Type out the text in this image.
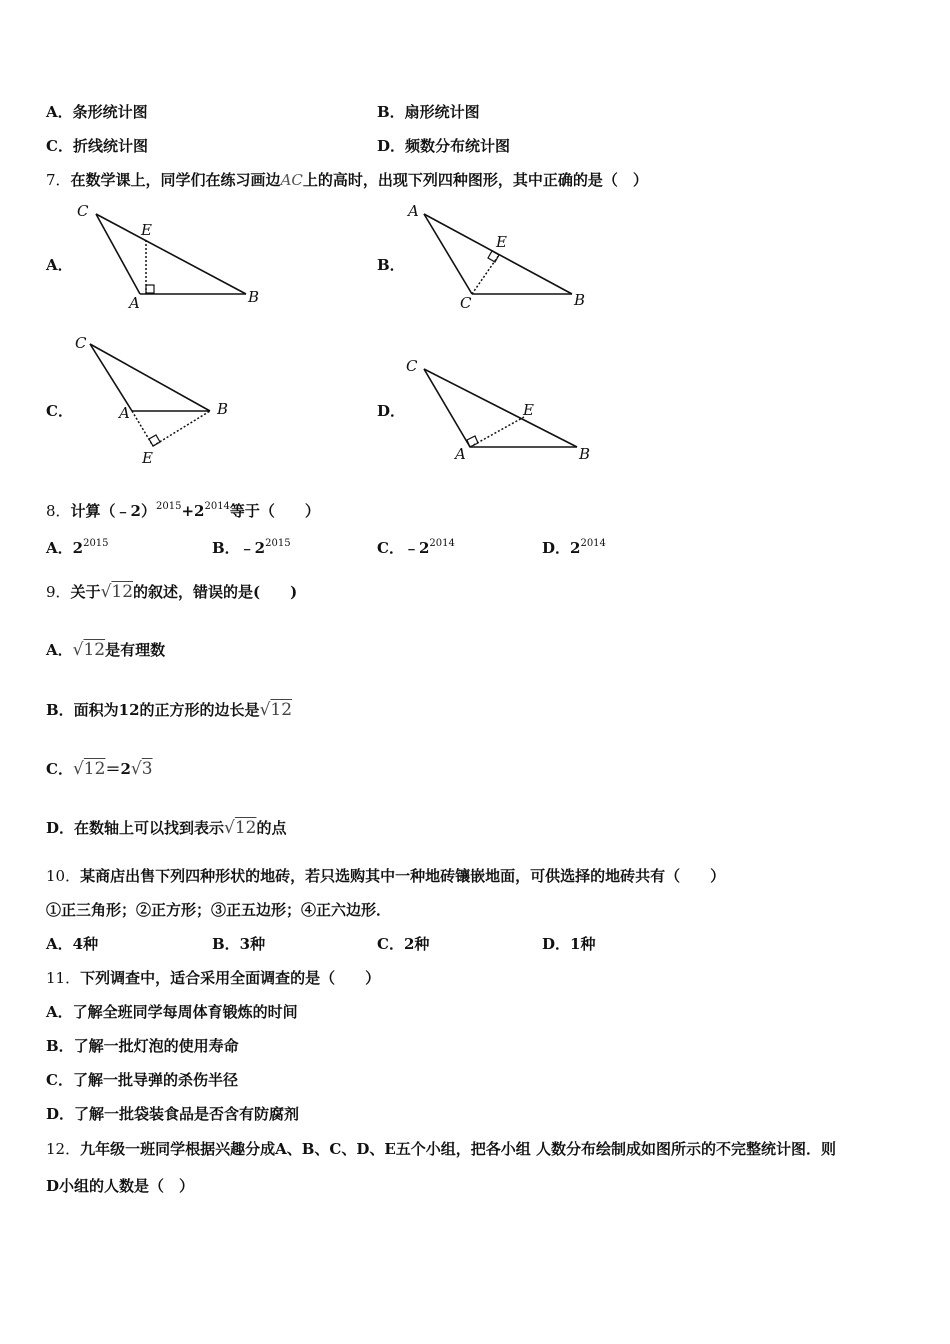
A．条形统计图	B．扇形统计图
C．折线统计图	D．频数分布统计图
7．在数学课上，同学们在练习画边AC上的高时，出现下列四种图形，其中正确的是（　）
A．	B．
C．	D．
C
E
A	B
A
E
C	B
C
A	B
E
C
E
A	B
8．计算$(﹣2)^{2015}+2^{2014}$等于（　　）
A．$2^{2015}$	B．$﹣2^{2015}$	C．$﹣2^{2014}$	D．$2^{2014}$
9．关于√12的叙述，错误的是(　　)
A．√12是有理数
B．面积为12的正方形的边长是√12
C．√12＝2√3
D．在数轴上可以找到表示√12的点
10．某商店出售下列四种形状的地砖，若只选购其中一种地砖镶嵌地面，可供选择的地砖共有（　　）
①正三角形；②正方形；③正五边形；④正六边形．
A．4种	B．3种	C．2种	D．1种
11．下列调查中，适合采用全面调查的是（　　）
A．了解全班同学每周体育锻炼的时间
B．了解一批灯泡的使用寿命
C．了解一批导弹的杀伤半径
D．了解一批袋装食品是否含有防腐剂
12．九年级一班同学根据兴趣分成A、B、C、D、E五个小组，把各小组 人数分布绘制成如图所示的不完整统计图．则
D小组的人数是（　）
